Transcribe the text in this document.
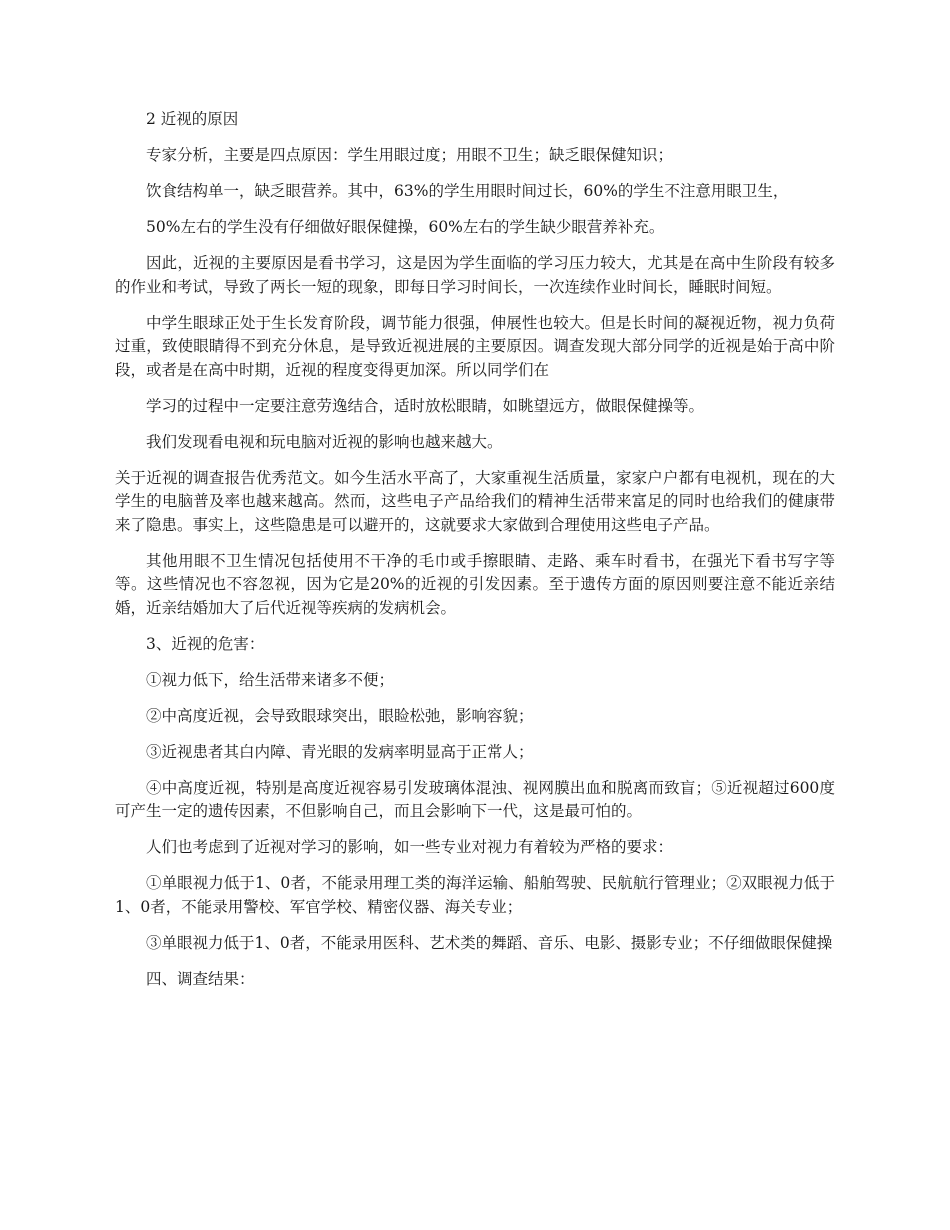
2 近视的原因

专家分析，主要是四点原因：学生用眼过度；用眼不卫生；缺乏眼保健知识；

饮食结构单一，缺乏眼营养。其中，63%的学生用眼时间过长，60%的学生不注意用眼卫生，

50%左右的学生没有仔细做好眼保健操，60%左右的学生缺少眼营养补充。

因此，近视的主要原因是看书学习，这是因为学生面临的学习压力较大，尤其是在高中生阶段有较多的作业和考试，导致了两长一短的现象，即每日学习时间长，一次连续作业时间长，睡眠时间短。

中学生眼球正处于生长发育阶段，调节能力很强，伸展性也较大。但是长时间的凝视近物，视力负荷过重，致使眼睛得不到充分休息，是导致近视进展的主要原因。调查发现大部分同学的近视是始于高中阶段，或者是在高中时期，近视的程度变得更加深。所以同学们在

学习的过程中一定要注意劳逸结合，适时放松眼睛，如眺望远方，做眼保健操等。

我们发现看电视和玩电脑对近视的影响也越来越大。

关于近视的调查报告优秀范文。如今生活水平高了，大家重视生活质量，家家户户都有电视机，现在的大学生的电脑普及率也越来越高。然而，这些电子产品给我们的精神生活带来富足的同时也给我们的健康带来了隐患。事实上，这些隐患是可以避开的，这就要求大家做到合理使用这些电子产品。

其他用眼不卫生情况包括使用不干净的毛巾或手擦眼睛、走路、乘车时看书，在强光下看书写字等等。这些情况也不容忽视，因为它是20%的近视的引发因素。至于遗传方面的原因则要注意不能近亲结婚，近亲结婚加大了后代近视等疾病的发病机会。

3、近视的危害：

①视力低下，给生活带来诸多不便；

②中高度近视，会导致眼球突出，眼睑松弛，影响容貌；

③近视患者其白内障、青光眼的发病率明显高于正常人；

④中高度近视，特别是高度近视容易引发玻璃体混浊、视网膜出血和脱离而致盲；⑤近视超过600度可产生一定的遗传因素，不但影响自己，而且会影响下一代，这是最可怕的。

人们也考虑到了近视对学习的影响，如一些专业对视力有着较为严格的要求：

①单眼视力低于1、0者，不能录用理工类的海洋运输、船舶驾驶、民航航行管理业；②双眼视力低于1、0者，不能录用警校、军官学校、精密仪器、海关专业；

③单眼视力低于1、0者，不能录用医科、艺术类的舞蹈、音乐、电影、摄影专业；不仔细做眼保健操

四、调查结果：
